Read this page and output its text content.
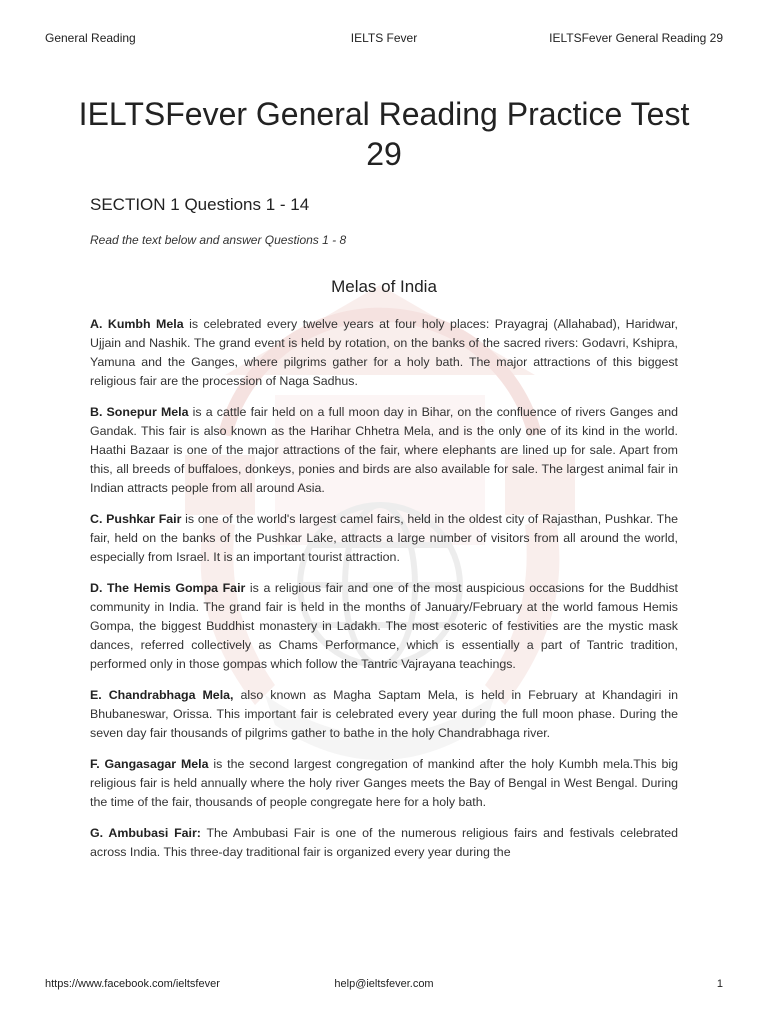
General Reading	IELTS Fever	IELTSFever General Reading 29
IELTSFever General Reading Practice Test 29
SECTION 1 Questions 1 - 14

Read the text below and answer Questions 1 - 8

Melas of India

A. Kumbh Mela is celebrated every twelve years at four holy places: Prayagraj (Allahabad), Haridwar, Ujjain and Nashik. The grand event is held by rotation, on the banks of the sacred rivers: Godavri, Kshipra, Yamuna and the Ganges, where pilgrims gather for a holy bath. The major attractions of this biggest religious fair are the procession of Naga Sadhus.

B. Sonepur Mela is a cattle fair held on a full moon day in Bihar, on the confluence of rivers Ganges and Gandak. This fair is also known as the Harihar Chhetra Mela, and is the only one of its kind in the world. Haathi Bazaar is one of the major attractions of the fair, where elephants are lined up for sale. Apart from this, all breeds of buffaloes, donkeys, ponies and birds are also available for sale. The largest animal fair in Indian attracts people from all around Asia.

C. Pushkar Fair is one of the world's largest camel fairs, held in the oldest city of Rajasthan, Pushkar. The fair, held on the banks of the Pushkar Lake, attracts a large number of visitors from all around the world, especially from Israel. It is an important tourist attraction.

D. The Hemis Gompa Fair is a religious fair and one of the most auspicious occasions for the Buddhist community in India. The grand fair is held in the months of January/February at the world famous Hemis Gompa, the biggest Buddhist monastery in Ladakh. The most esoteric of festivities are the mystic mask dances, referred collectively as Chams Performance, which is essentially a part of Tantric tradition, performed only in those gompas which follow the Tantric Vajrayana teachings.

E. Chandrabhaga Mela, also known as Magha Saptam Mela, is held in February at Khandagiri in Bhubaneswar, Orissa. This important fair is celebrated every year during the full moon phase. During the seven day fair thousands of pilgrims gather to bathe in the holy Chandrabhaga river.

F. Gangasagar Mela is the second largest congregation of mankind after the holy Kumbh mela.This big religious fair is held annually where the holy river Ganges meets the Bay of Bengal in West Bengal. During the time of the fair, thousands of people congregate here for a holy bath.

G. Ambubasi Fair: The Ambubasi Fair is one of the numerous religious fairs and festivals celebrated across India. This three-day traditional fair is organized every year during the

https://www.facebook.com/ieltsfever	help@ieltsfever.com	1
